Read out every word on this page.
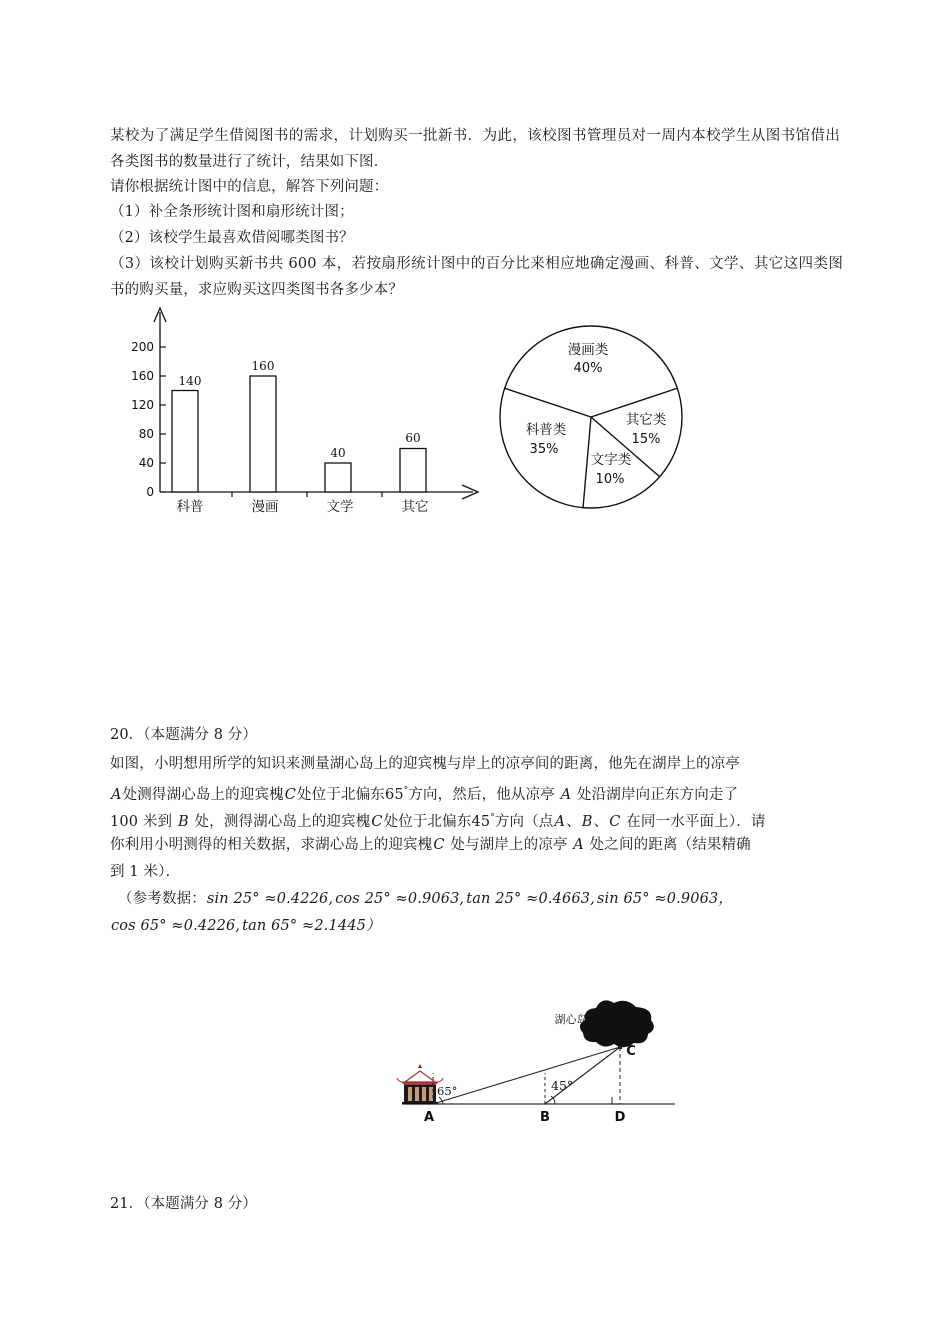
某校为了满足学生借阅图书的需求，计划购买一批新书．为此，该校图书管理员对一周内本校学生从图书馆借出各类图书的数量进行了统计，结果如下图．
请你根据统计图中的信息，解答下列问题：
（1）补全条形统计图和扇形统计图；
（2）该校学生最喜欢借阅哪类图书？
（3）该校计划购买新书共 600 本，若按扇形统计图中的百分比来相应地确定漫画、科普、文学、其它这四类图书的购买量，求应购买这四类图书各多少本？
0
40
80
120
160
200
140
160
40
60
科普	漫画	文学	其它
漫画类
40%
其它类
15%
文字类
10%
科普类
35%
20．（本题满分 8 分）
如图，小明想用所学的知识来测量湖心岛上的迎宾槐与岸上的凉亭间的距离，他先在湖岸上的凉亭
A处测得湖心岛上的迎宾槐C处位于北偏东65°方向，然后，他从凉亭 A 处沿湖岸向正东方向走了
100 米到 B 处，测得湖心岛上的迎宾槐C处位于北偏东45°方向（点A、B、C 在同一水平面上）．请
你利用小明测得的相关数据，求湖心岛上的迎宾槐C 处与湖岸上的凉亭 A 处之间的距离（结果精确
到 1 米）．
（参考数据：sin 25° ≈0.4226, cos 25° ≈0.9063, tan 25° ≈0.4663, sin 65° ≈0.9063，
cos 65° ≈0.4226, tan 65° ≈2.1445）
65°	45°
湖心岛
A	B
C
D
21．（本题满分 8 分）
